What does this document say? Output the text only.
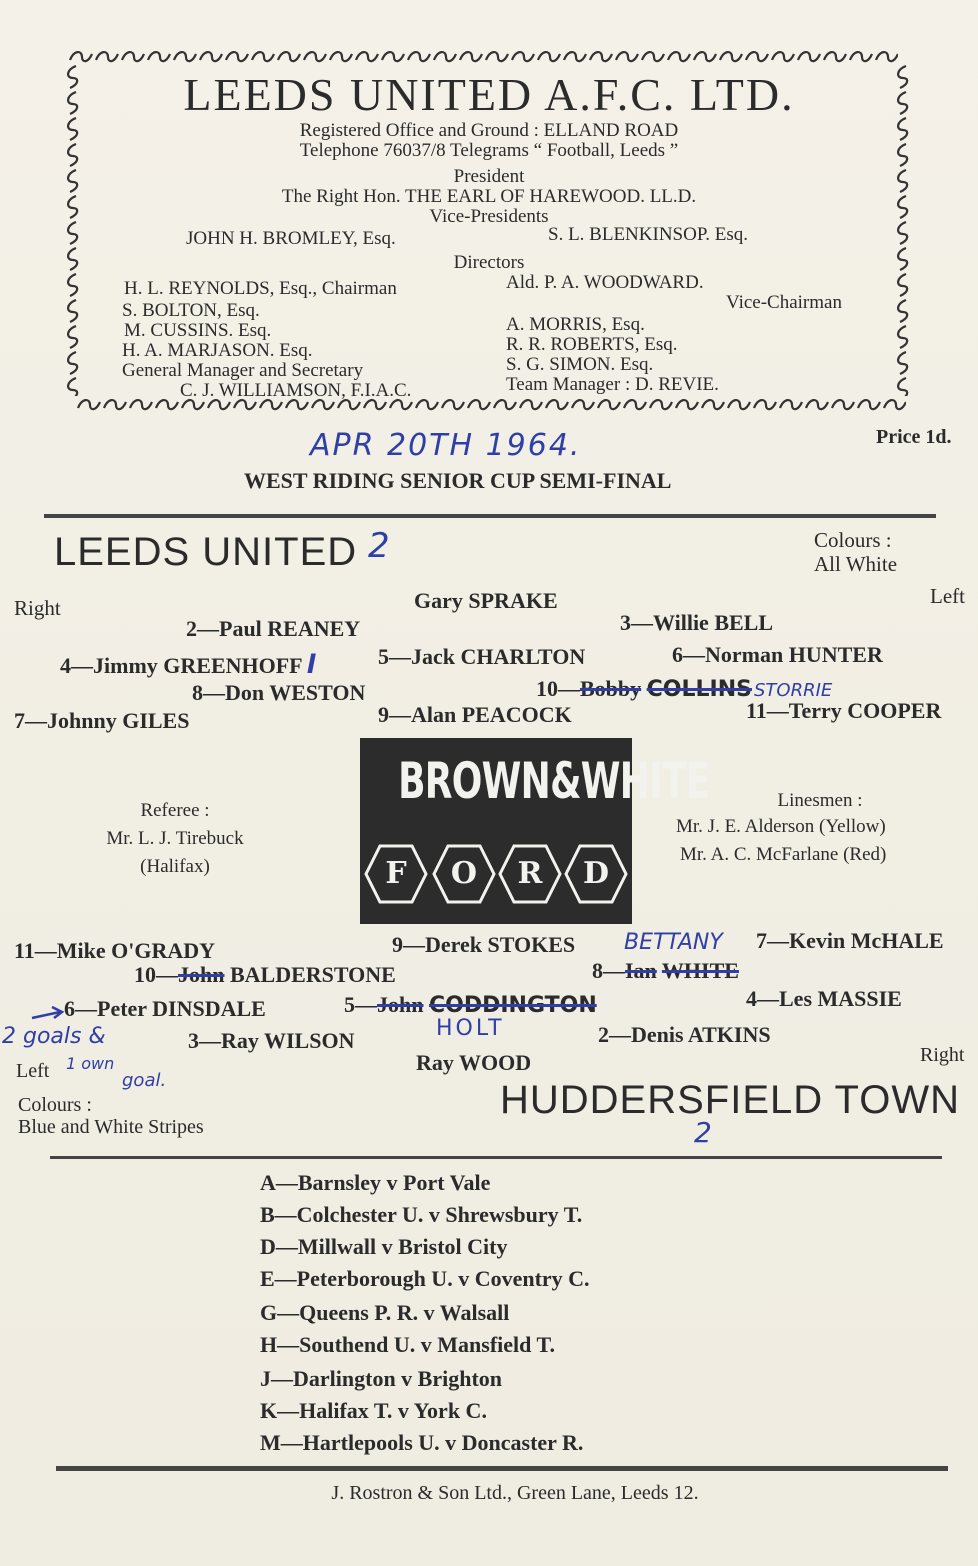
LEEDS UNITED A.F.C. LTD.
Registered Office and Ground : ELLAND ROAD
Telephone 76037/8 Telegrams “ Football, Leeds ”
President
The Right Hon. THE EARL OF HAREWOOD. LL.D.
Vice-Presidents
JOHN H. BROMLEY, Esq.	S. L. BLENKINSOP. Esq.
Directors
H. L. REYNOLDS, Esq., Chairman
S. BOLTON, Esq.
M. CUSSINS. Esq.
H. A. MARJASON. Esq.
General Manager and Secretary
C. J. WILLIAMSON, F.I.A.C.
Ald. P. A. WOODWARD.
Vice-Chairman
A. MORRIS, Esq.
R. R. ROBERTS, Esq.
S. G. SIMON. Esq.
Team Manager : D. REVIE.
APR 20TH 1964.	Price 1d.
WEST RIDING SENIOR CUP SEMI-FINAL
LEEDS UNITED 2	Colours :
All White
Right	Left
Gary SPRAKE
2—Paul REANEY	3—Willie BELL
4—Jimmy GREENHOFF l	5—Jack CHARLTON	6—Norman HUNTER
8—Don WESTON	10—Bobby COLLINS STORRIE
7—Johnny GILES	9—Alan PEACOCK	11—Terry COOPER
Referee :
Mr. L. J. Tirebuck
(Halifax)
Linesmen :
Mr. J. E. Alderson (Yellow)
Mr. A. C. McFarlane (Red)
BROWN&WHITE
F	O	R	D
11—Mike O'GRADY	9—Derek STOKES BETTANY 7—Kevin McHALE
10—John BALDERSTONE	8—Ian WHITE
6—Peter DINSDALE	5—John CODDINGTON
HOLT
4—Les MASSIE
2 goals &	3—Ray WILSON	2—Denis ATKINS
Left 1 own
goal.
Ray WOOD	Right
Colours :
Blue and White Stripes
HUDDERSFIELD TOWN
2
A—Barnsley v Port Vale
B—Colchester U. v Shrewsbury T.
D—Millwall v Bristol City
E—Peterborough U. v Coventry C.
G—Queens P. R. v Walsall
H—Southend U. v Mansfield T.
J—Darlington v Brighton
K—Halifax T. v York C.
M—Hartlepools U. v Doncaster R.
J. Rostron & Son Ltd., Green Lane, Leeds 12.
